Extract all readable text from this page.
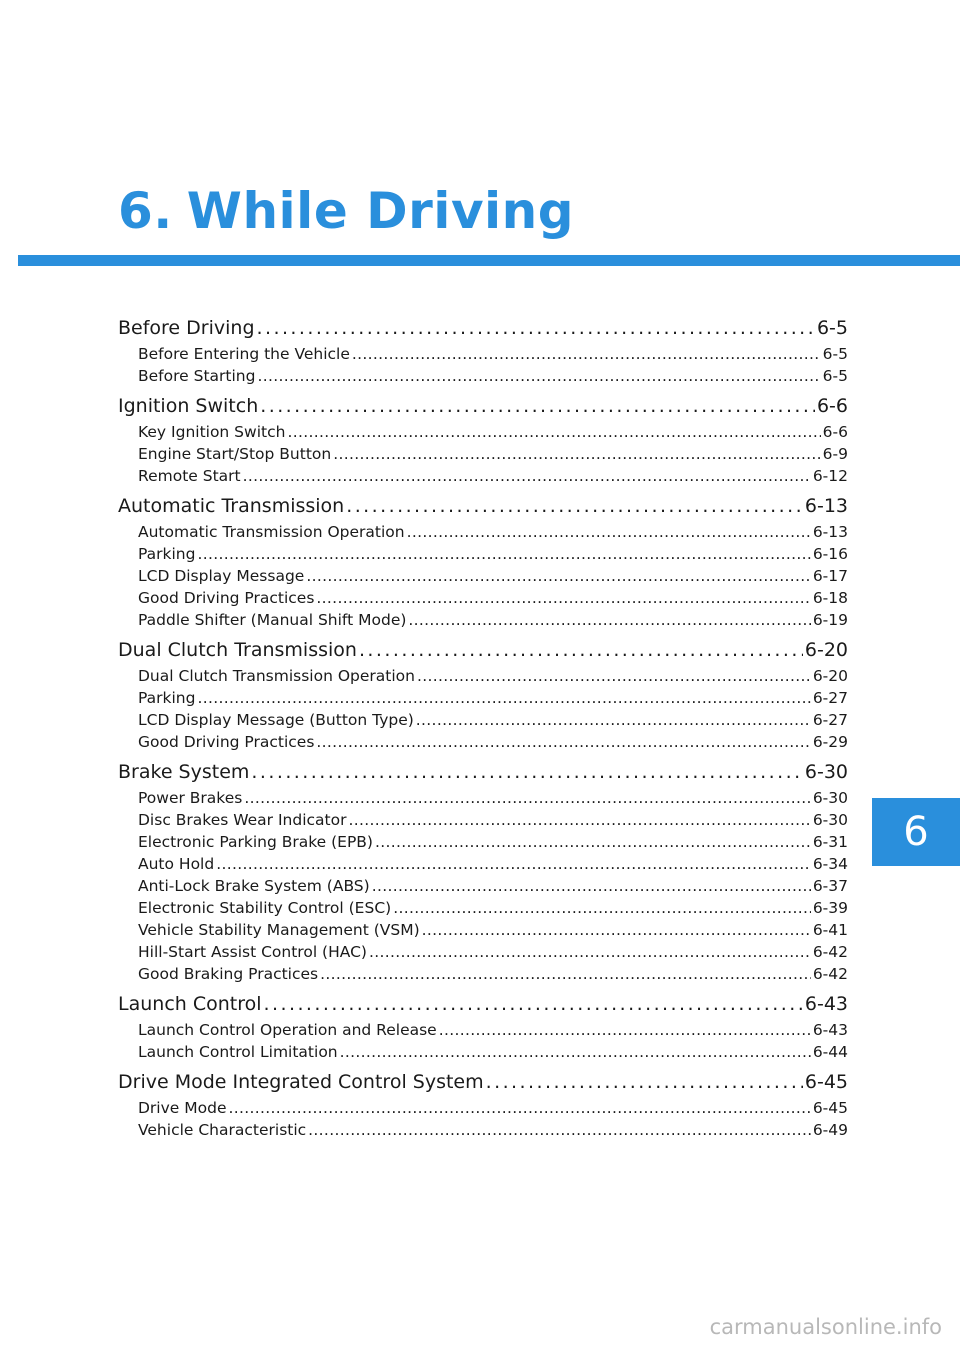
6. While Driving
Before Driving . . .	6-5
Before Entering the Vehicle . . .	6-5
Before Starting . . .	6-5
Ignition Switch . . .	6-6
Key Ignition Switch . . .	6-6
Engine Start/Stop Button . . .	6-9
Remote Start . . .	6-12
Automatic Transmission . . .	6-13
Automatic Transmission Operation . . .	6-13
Parking . . .	6-16
LCD Display Message . . .	6-17
Good Driving Practices . . .	6-18
Paddle Shifter (Manual Shift Mode) . . .	6-19
Dual Clutch Transmission . . .	6-20
Dual Clutch Transmission Operation . . .	6-20
Parking . . .	6-27
LCD Display Message (Button Type) . . .	6-27
Good Driving Practices . . .	6-29
Brake System . . .	6-30
Power Brakes . . .	6-30
Disc Brakes Wear Indicator . . .	6-30
Electronic Parking Brake (EPB) . . .	6-31
Auto Hold . . .	6-34
Anti-Lock Brake System (ABS) . . .	6-37
Electronic Stability Control (ESC) . . .	6-39
Vehicle Stability Management (VSM) . . .	6-41
Hill-Start Assist Control (HAC) . . .	6-42
Good Braking Practices . . .	6-42
Launch Control . . .	6-43
Launch Control Operation and Release . . .	6-43
Launch Control Limitation . . .	6-44
Drive Mode Integrated Control System . . .	6-45
Drive Mode . . .	6-45
Vehicle Characteristic . . .	6-49
6
carmanualsonline.info
